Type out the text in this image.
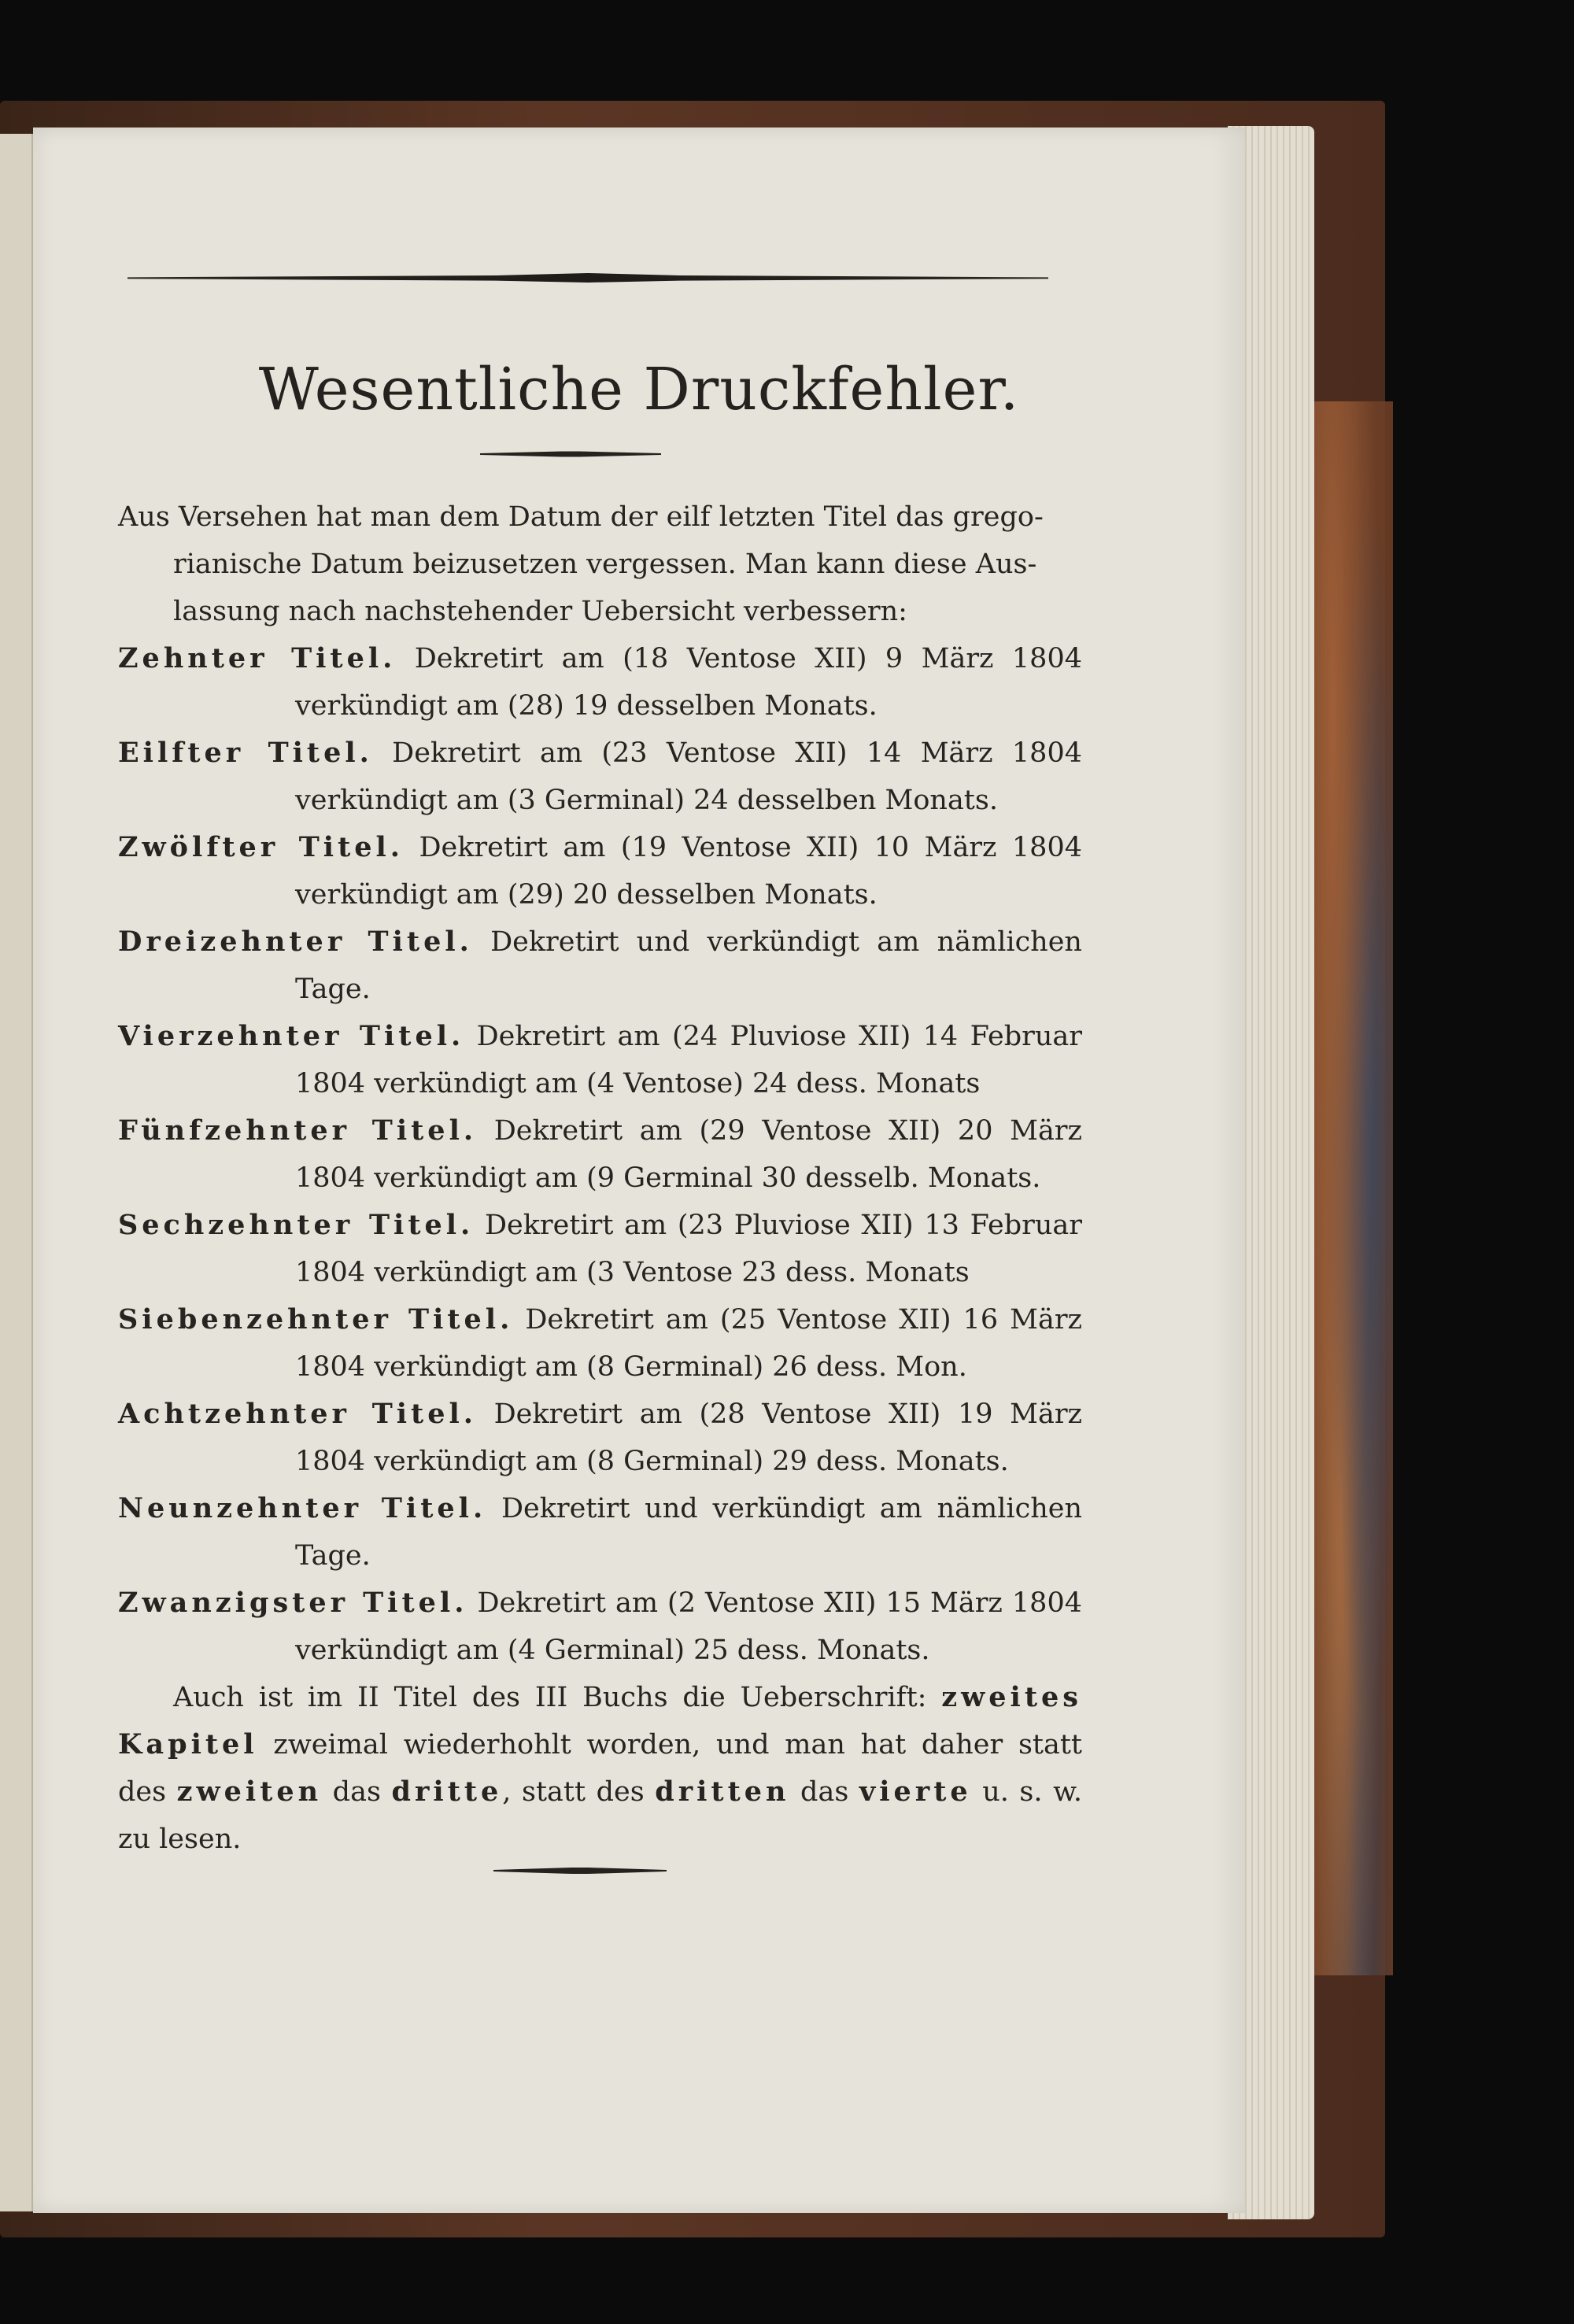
Wesentliche Druckfehler.

Aus Versehen hat man dem Datum der eilf letzten Titel das grego-
rianische Datum beizusetzen vergessen. Man kann diese Aus-
lassung nach nachstehender Uebersicht verbessern:

Zehnter Titel. Dekretirt am (18 Ventose XII) 9 März 1804 verkündigt am (28) 19 desselben Monats.

Eilfter Titel. Dekretirt am (23 Ventose XII) 14 März 1804 verkündigt am (3 Germinal) 24 desselben Monats.

Zwölfter Titel. Dekretirt am (19 Ventose XII) 10 März 1804 verkündigt am (29) 20 desselben Monats.

Dreizehnter Titel. Dekretirt und verkündigt am nämlichen Tage.

Vierzehnter Titel. Dekretirt am (24 Pluviose XII) 14 Februar 1804 verkündigt am (4 Ventose) 24 dess. Monats

Fünfzehnter Titel. Dekretirt am (29 Ventose XII) 20 März 1804 verkündigt am (9 Germinal 30 desselb. Monats.

Sechzehnter Titel. Dekretirt am (23 Pluviose XII) 13 Februar 1804 verkündigt am (3 Ventose 23 dess. Monats

Siebenzehnter Titel. Dekretirt am (25 Ventose XII) 16 März 1804 verkündigt am (8 Germinal) 26 dess. Mon.

Achtzehnter Titel. Dekretirt am (28 Ventose XII) 19 März 1804 verkündigt am (8 Germinal) 29 dess. Monats.

Neunzehnter Titel. Dekretirt und verkündigt am nämlichen Tage.

Zwanzigster Titel. Dekretirt am (2 Ventose XII) 15 März 1804 verkündigt am (4 Germinal) 25 dess. Monats.

Auch ist im II Titel des III Buchs die Ueberschrift: zweites Kapitel zweimal wiederhohlt worden, und man hat daher statt des zweiten das dritte, statt des dritten das vierte u. s. w. zu lesen.
